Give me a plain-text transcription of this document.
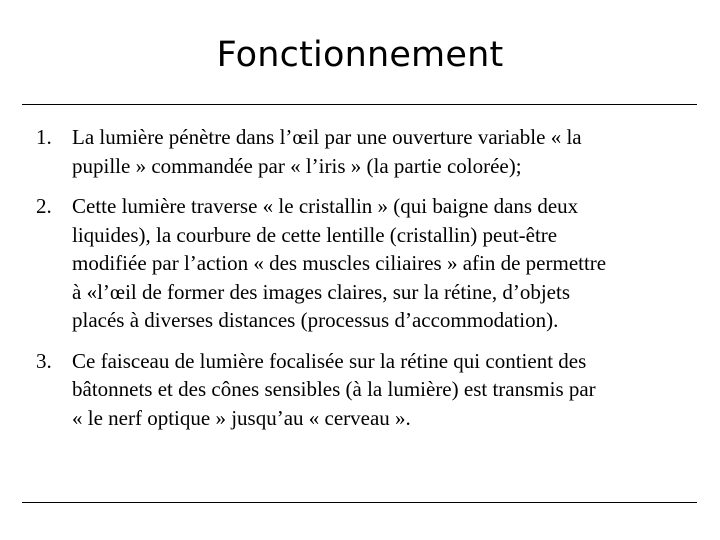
Fonctionnement
1. La lumière pénètre dans l’œil par une ouverture variable « la
pupille » commandée par « l’iris » (la partie colorée);
2. Cette lumière traverse « le cristallin » (qui baigne dans deux
liquides), la courbure de cette lentille (cristallin) peut-être
modifiée par l’action « des muscles ciliaires » afin de permettre
à «l’œil de former des images claires, sur la rétine, d’objets
placés à diverses distances (processus d’accommodation).
3. Ce faisceau de lumière focalisée sur la rétine qui contient des
bâtonnets et des cônes sensibles (à la lumière) est transmis par
« le nerf optique » jusqu’au « cerveau ».
